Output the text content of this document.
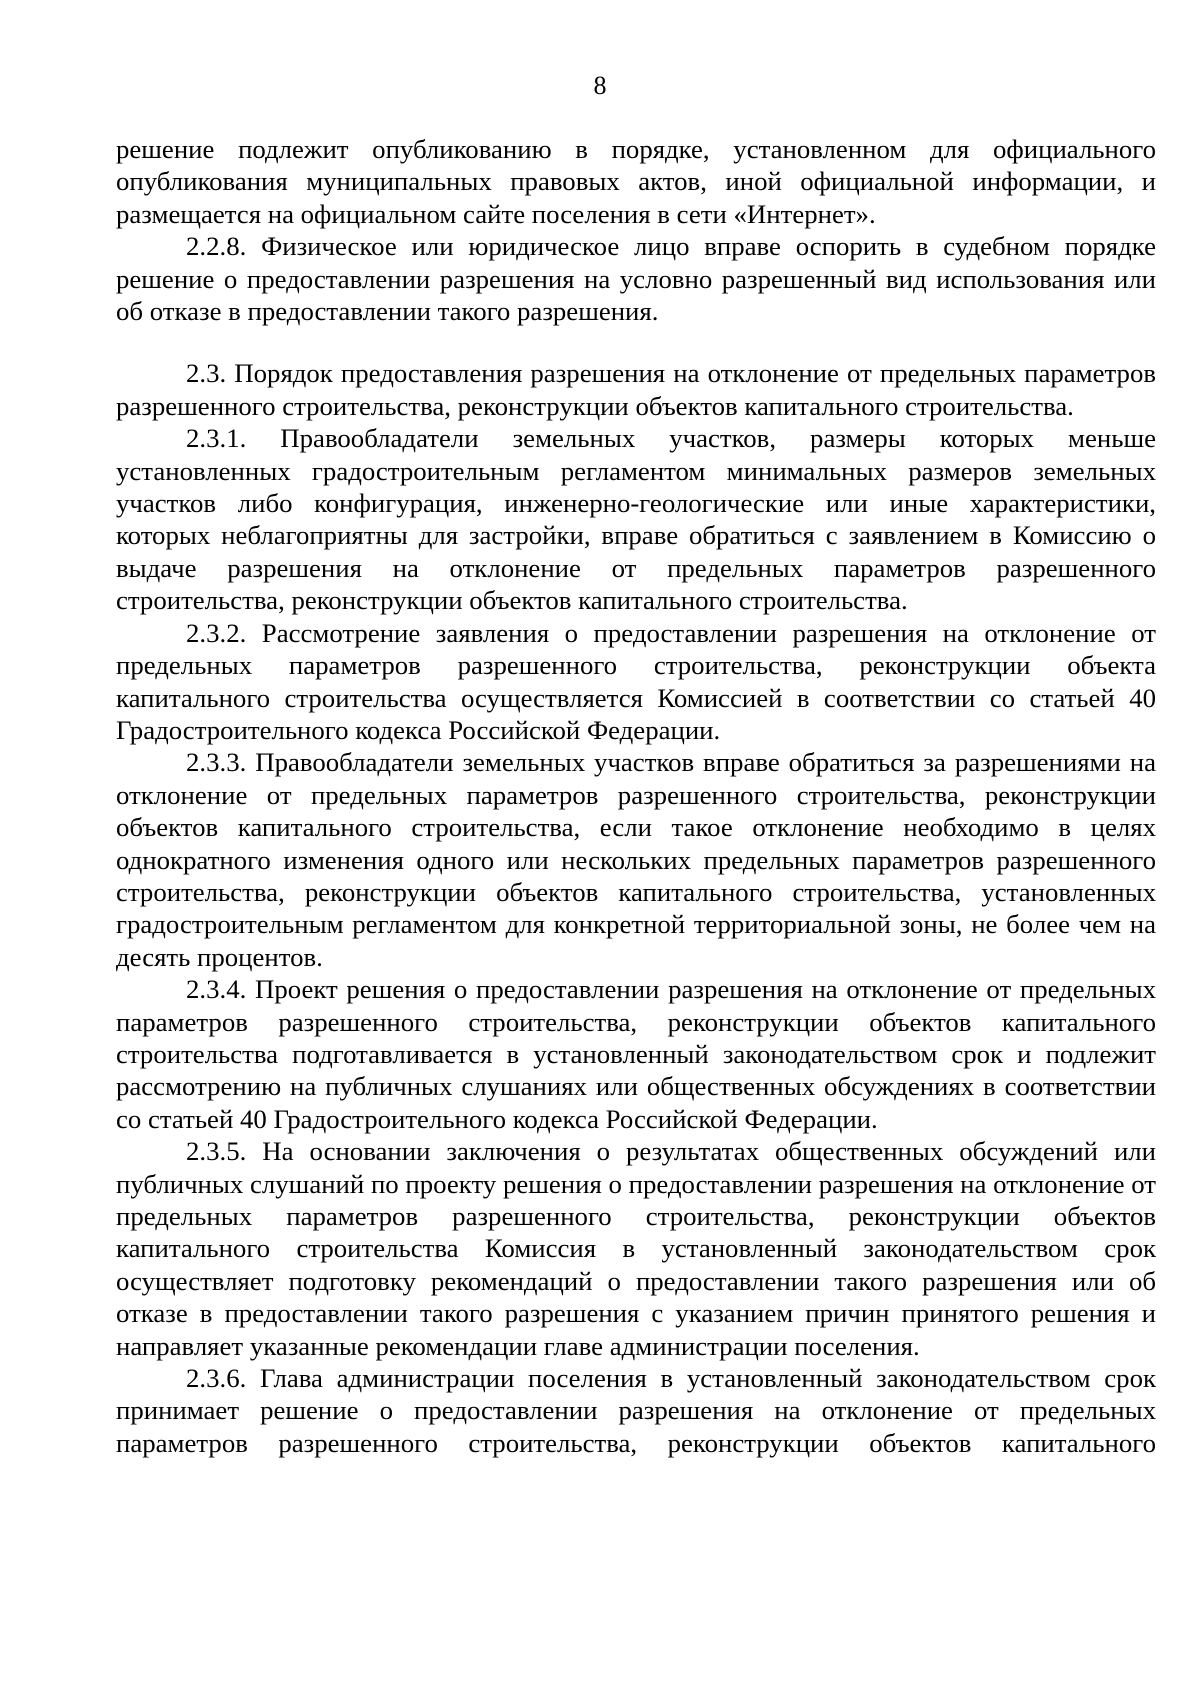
8

решение подлежит опубликованию в порядке, установленном для официального опубликования муниципальных правовых актов, иной официальной информации, и размещается на официальном сайте поселения в сети «Интернет».

2.2.8. Физическое или юридическое лицо вправе оспорить в судебном порядке решение о предоставлении разрешения на условно разрешенный вид использования или об отказе в предоставлении такого разрешения.

2.3. Порядок предоставления разрешения на отклонение от предельных параметров разрешенного строительства, реконструкции объектов капитального строительства.

2.3.1. Правообладатели земельных участков, размеры которых меньше установленных градостроительным регламентом минимальных размеров земельных участков либо конфигурация, инженерно-геологические или иные характеристики, которых неблагоприятны для застройки, вправе обратиться с заявлением в Комиссию о выдаче разрешения на отклонение от предельных параметров разрешенного строительства, реконструкции объектов капитального строительства.

2.3.2. Рассмотрение заявления о предоставлении разрешения на отклонение от предельных параметров разрешенного строительства, реконструкции объекта капитального строительства осуществляется Комиссией в соответствии со статьей 40 Градостроительного кодекса Российской Федерации.

2.3.3. Правообладатели земельных участков вправе обратиться за разрешениями на отклонение от предельных параметров разрешенного строительства, реконструкции объектов капитального строительства, если такое отклонение необходимо в целях однократного изменения одного или нескольких предельных параметров разрешенного строительства, реконструкции объектов капитального строительства, установленных градостроительным регламентом для конкретной территориальной зоны, не более чем на десять процентов.

2.3.4. Проект решения о предоставлении разрешения на отклонение от предельных параметров разрешенного строительства, реконструкции объектов капитального строительства подготавливается в установленный законодательством срок и подлежит рассмотрению на публичных слушаниях или общественных обсуждениях в соответствии со статьей 40 Градостроительного кодекса Российской Федерации.

2.3.5. На основании заключения о результатах общественных обсуждений или публичных слушаний по проекту решения о предоставлении разрешения на отклонение от предельных параметров разрешенного строительства, реконструкции объектов капитального строительства Комиссия в установленный законодательством срок осуществляет подготовку рекомендаций о предоставлении такого разрешения или об отказе в предоставлении такого разрешения с указанием причин принятого решения и направляет указанные рекомендации главе администрации поселения.

2.3.6. Глава администрации поселения в установленный законодательством срок принимает решение о предоставлении разрешения на отклонение от предельных параметров разрешенного строительства, реконструкции объектов капитального
